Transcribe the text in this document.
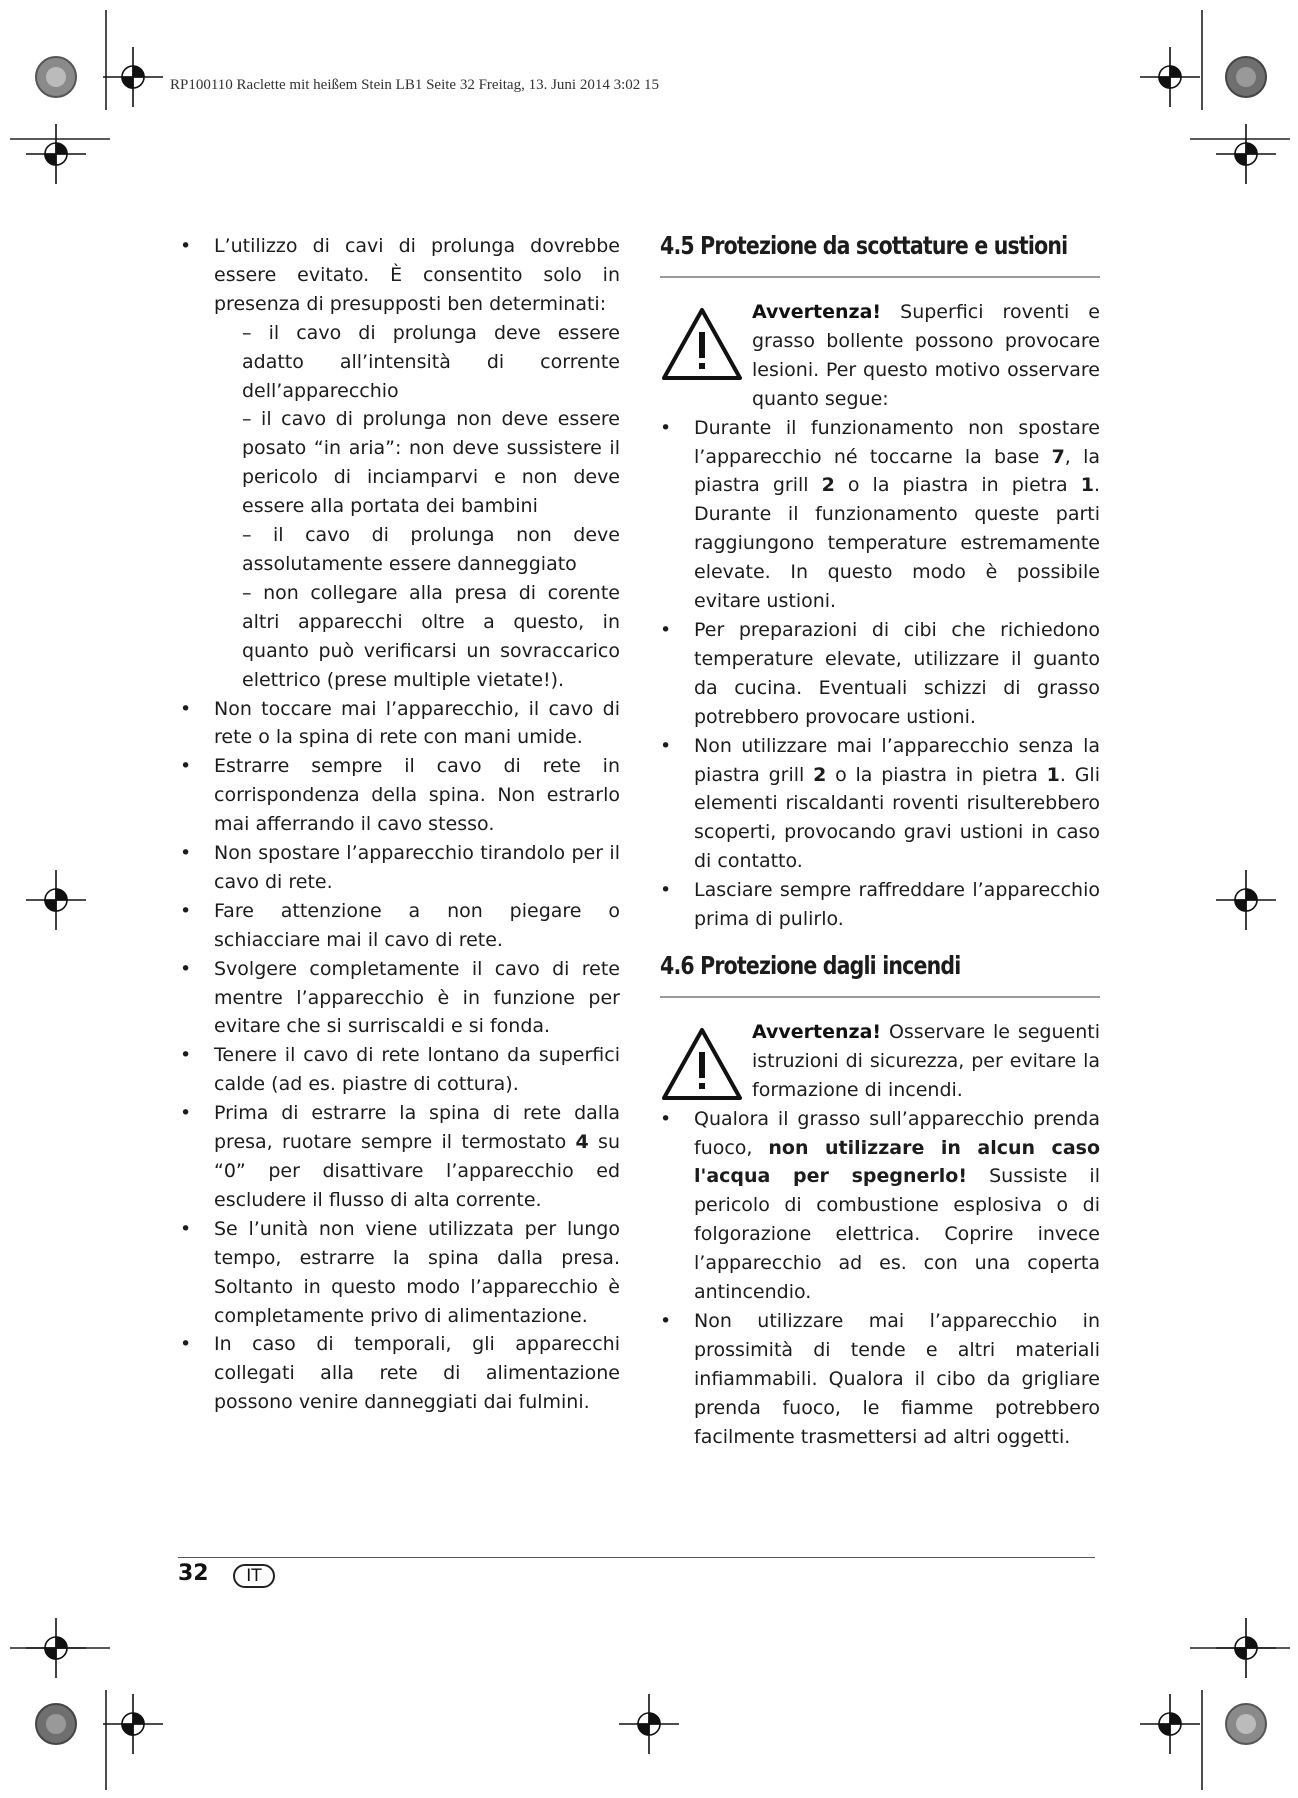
RP100110 Raclette mit heißem Stein LB1 Seite 32 Freitag, 13. Juni 2014 3:02 15
• L’utilizzo di cavi di prolunga dovrebbe essere evitato. È consentito solo in presenza di presupposti ben determinati:
– il cavo di prolunga deve essere adatto all’intensità di corrente dell’apparecchio
– il cavo di prolunga non deve essere posato “in aria”: non deve sussistere il pericolo di inciamparvi e non deve essere alla portata dei bambini
– il cavo di prolunga non deve assolutamente essere danneggiato
– non collegare alla presa di corente altri apparecchi oltre a questo, in quanto può verificarsi un sovraccarico elettrico (prese multiple vietate!).
• Non toccare mai l’apparecchio, il cavo di rete o la spina di rete con mani umide.
• Estrarre sempre il cavo di rete in corrispondenza della spina. Non estrarlo mai afferrando il cavo stesso.
• Non spostare l’apparecchio tirandolo per il cavo di rete.
• Fare attenzione a non piegare o schiacciare mai il cavo di rete.
• Svolgere completamente il cavo di rete mentre l’apparecchio è in funzione per evitare che si surriscaldi e si fonda.
• Tenere il cavo di rete lontano da superfici calde (ad es. piastre di cottura).
• Prima di estrarre la spina di rete dalla presa, ruotare sempre il termostato 4 su “0” per disattivare l’apparecchio ed escludere il flusso di alta corrente.
• Se l’unità non viene utilizzata per lungo tempo, estrarre la spina dalla presa. Soltanto in questo modo l’apparecchio è completamente privo di alimentazione.
• In caso di temporali, gli apparecchi collegati alla rete di alimentazione possono venire danneggiati dai fulmini.
4.5 Protezione da scottature e ustioni
Avvertenza! Superfici roventi e grasso bollente possono provocare lesioni. Per questo motivo osservare quanto segue:
• Durante il funzionamento non spostare l’apparecchio né toccarne la base 7, la piastra grill 2 o la piastra in pietra 1. Durante il funzionamento queste parti raggiungono temperature estremamente elevate. In questo modo è possibile evitare ustioni.
• Per preparazioni di cibi che richiedono temperature elevate, utilizzare il guanto da cucina. Eventuali schizzi di grasso potrebbero provocare ustioni.
• Non utilizzare mai l’apparecchio senza la piastra grill 2 o la piastra in pietra 1. Gli elementi riscaldanti roventi risulterebbero scoperti, provocando gravi ustioni in caso di contatto.
• Lasciare sempre raffreddare l’apparecchio prima di pulirlo.
4.6 Protezione dagli incendi
Avvertenza! Osservare le seguenti istruzioni di sicurezza, per evitare la formazione di incendi.
• Qualora il grasso sull’apparecchio prenda fuoco, non utilizzare in alcun caso l'acqua per spegnerlo! Sussiste il pericolo di combustione esplosiva o di folgorazione elettrica. Coprire invece l’apparecchio ad es. con una coperta antincendio.
• Non utilizzare mai l’apparecchio in prossimità di tende e altri materiali infiammabili. Qualora il cibo da grigliare prenda fuoco, le fiamme potrebbero facilmente trasmettersi ad altri oggetti.
32	IT
